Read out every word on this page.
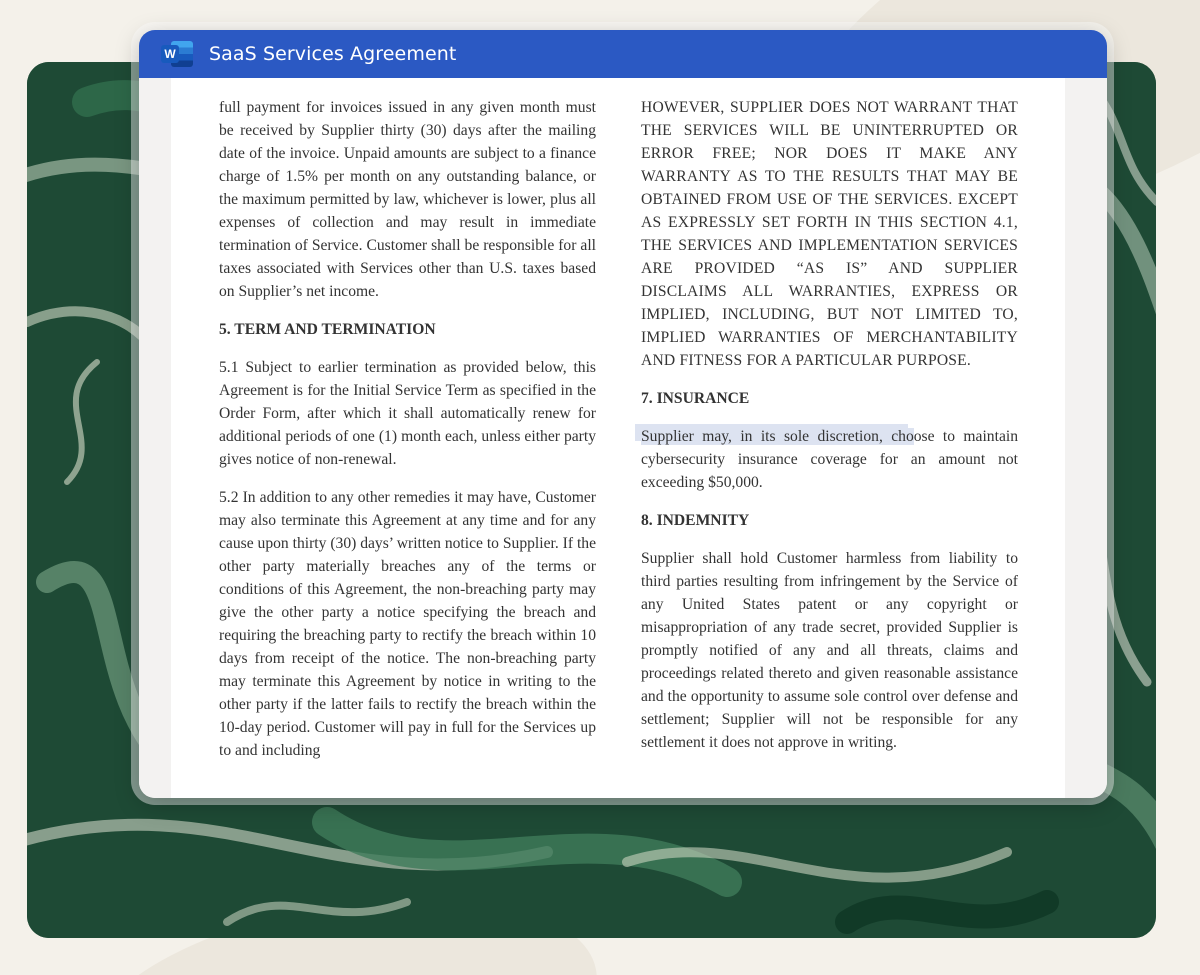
W SaaS Services Agreement

full payment for invoices issued in any given month must be received by Supplier thirty (30) days after the mailing date of the invoice. Unpaid amounts are subject to a finance charge of 1.5% per month on any outstanding balance, or the maximum permitted by law, whichever is lower, plus all expenses of collection and may result in immediate termination of Service. Customer shall be responsible for all taxes associated with Services other than U.S. taxes based on Supplier’s net income.

5. TERM AND TERMINATION

5.1 Subject to earlier termination as provided below, this Agreement is for the Initial Service Term as specified in the Order Form, after which it shall automatically renew for additional periods of one (1) month each, unless either party gives notice of non-renewal.

5.2 In addition to any other remedies it may have, Customer may also terminate this Agreement at any time and for any cause upon thirty (30) days’ written notice to Supplier. If the other party materially breaches any of the terms or conditions of this Agreement, the non-breaching party may give the other party a notice specifying the breach and requiring the breaching party to rectify the breach within 10 days from receipt of the notice. The non-breaching party may terminate this Agreement by notice in writing to the other party if the latter fails to rectify the breach within the 10-day period. Customer will pay in full for the Services up to and including

HOWEVER, SUPPLIER DOES NOT WARRANT THAT THE SERVICES WILL BE UNINTERRUPTED OR ERROR FREE; NOR DOES IT MAKE ANY WARRANTY AS TO THE RESULTS THAT MAY BE OBTAINED FROM USE OF THE SERVICES. EXCEPT AS EXPRESSLY SET FORTH IN THIS SECTION 4.1, THE SERVICES AND IMPLEMENTATION SERVICES ARE PROVIDED “AS IS” AND SUPPLIER DISCLAIMS ALL WARRANTIES, EXPRESS OR IMPLIED, INCLUDING, BUT NOT LIMITED TO, IMPLIED WARRANTIES OF MERCHANTABILITY AND FITNESS FOR A PARTICULAR PURPOSE.

7. INSURANCE

Supplier may, in its sole discretion, choose to maintain cybersecurity insurance coverage for an amount not exceeding $50,000.

8. INDEMNITY

Supplier shall hold Customer harmless from liability to third parties resulting from infringement by the Service of any United States patent or any copyright or misappropriation of any trade secret, provided Supplier is promptly notified of any and all threats, claims and proceedings related thereto and given reasonable assistance and the opportunity to assume sole control over defense and settlement; Supplier will not be responsible for any settlement it does not approve in writing.
